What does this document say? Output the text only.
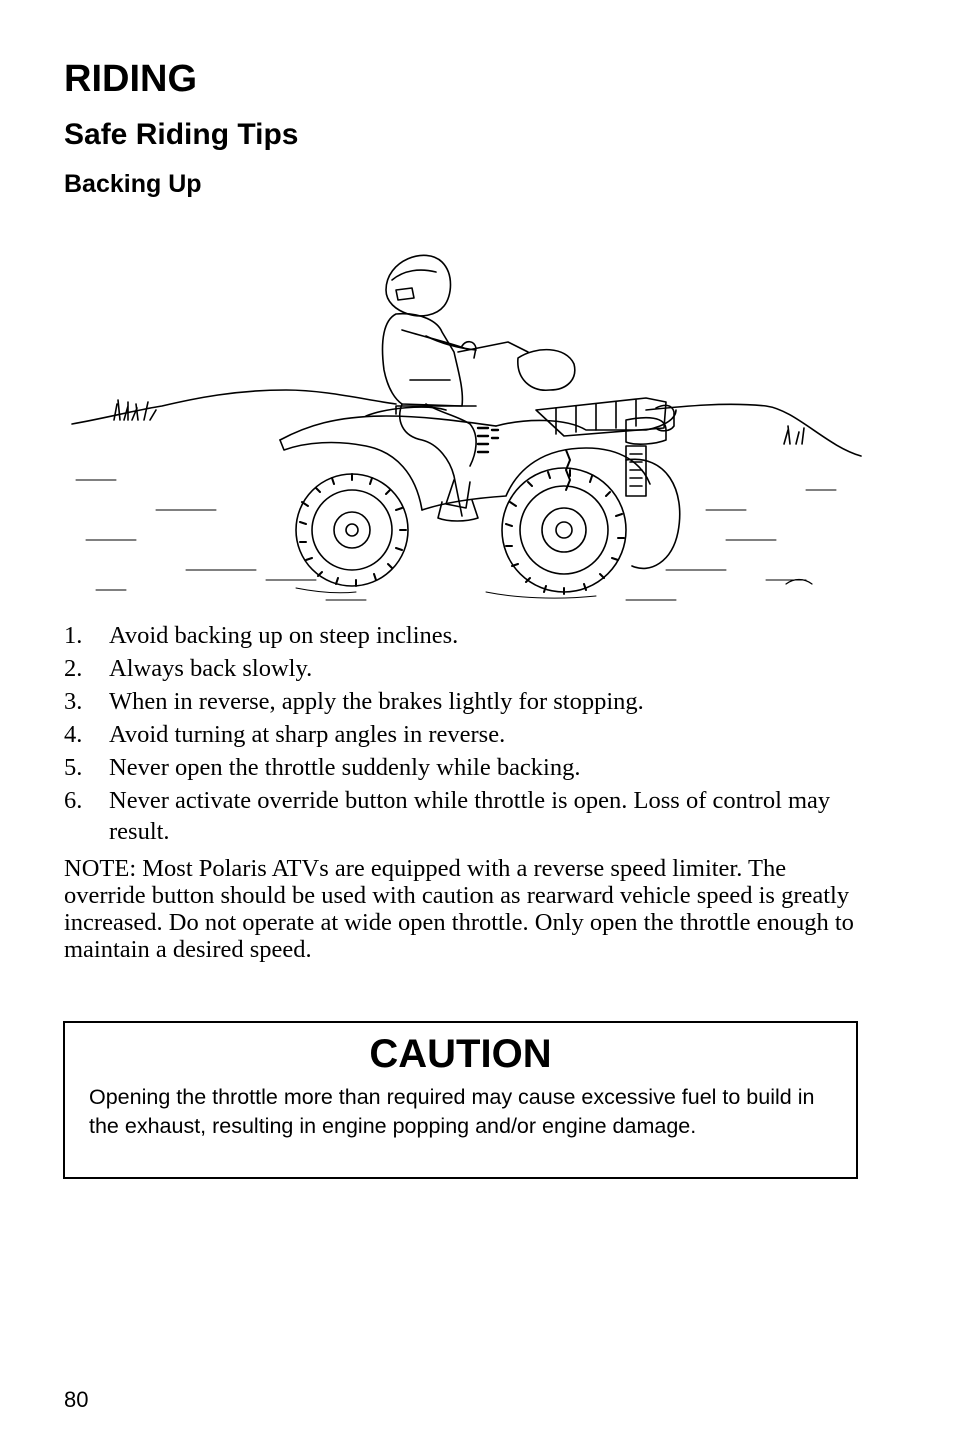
RIDING
Safe Riding Tips
Backing Up
1. Avoid backing up on steep inclines.
2. Always back slowly.
3. When in reverse, apply the brakes lightly for stopping.
4. Avoid turning at sharp angles in reverse.
5. Never open the throttle suddenly while backing.
6. Never activate override button while throttle is open. Loss of control may result.

NOTE: Most Polaris ATVs are equipped with a reverse speed limiter. The override button should be used with caution as rearward vehicle speed is greatly increased. Do not operate at wide open throttle. Only open the throttle enough to maintain a desired speed.

CAUTION

Opening the throttle more than required may cause excessive fuel to build in the exhaust, resulting in engine popping and/or engine damage.

80
